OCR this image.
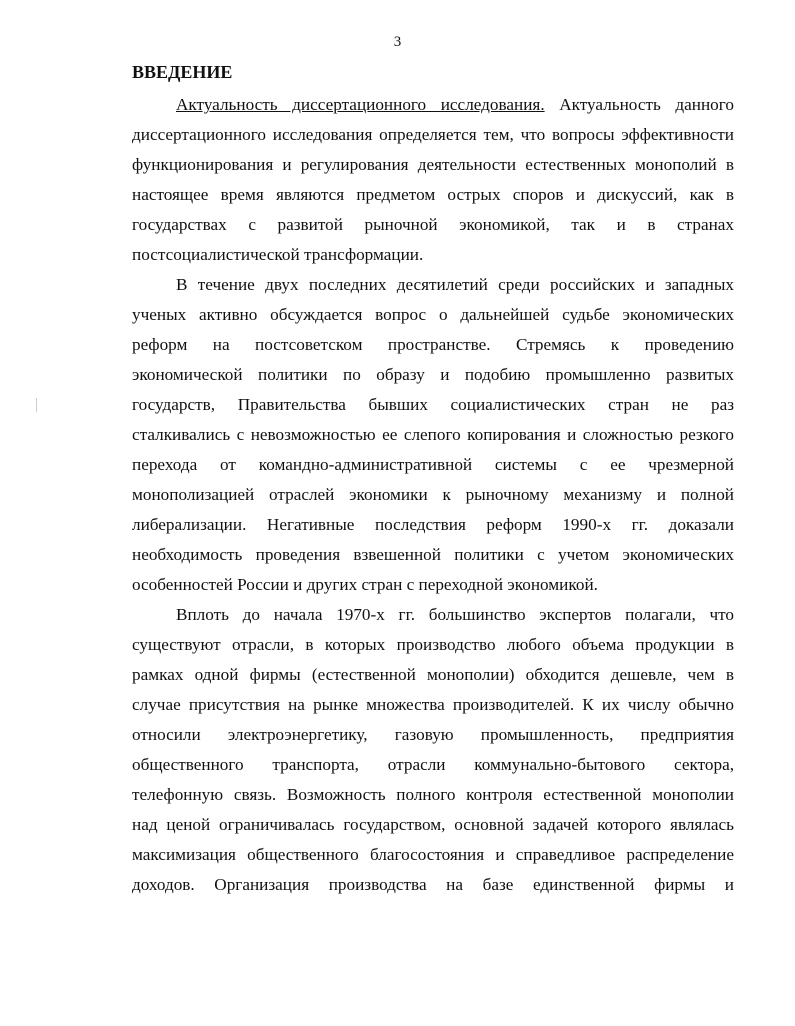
3
ВВЕДЕНИЕ
Актуальность диссертационного исследования. Актуальность данного
диссертационного исследования определяется тем, что вопросы эффективности
функционирования и регулирования деятельности естественных монополий в
настоящее время являются предметом острых споров и дискуссий, как в
государствах с развитой рыночной экономикой, так и в странах
постсоциалистической трансформации.
В течение двух последних десятилетий среди российских и западных
ученых активно обсуждается вопрос о дальнейшей судьбе экономических
реформ на постсоветском пространстве. Стремясь к проведению
экономической политики по образу и подобию промышленно развитых
государств, Правительства бывших социалистических стран не раз
сталкивались с невозможностью ее слепого копирования и сложностью резкого
перехода от командно-административной системы с ее чрезмерной
монополизацией отраслей экономики к рыночному механизму и полной
либерализации. Негативные последствия реформ 1990-х гг. доказали
необходимость проведения взвешенной политики с учетом экономических
особенностей России и других стран с переходной экономикой.
Вплоть до начала 1970-х гг. большинство экспертов полагали, что
существуют отрасли, в которых производство любого объема продукции в
рамках одной фирмы (естественной монополии) обходится дешевле, чем в
случае присутствия на рынке множества производителей. К их числу обычно
относили электроэнергетику, газовую промышленность, предприятия
общественного транспорта, отрасли коммунально-бытового сектора,
телефонную связь. Возможность полного контроля естественной монополии
над ценой ограничивалась государством, основной задачей которого являлась
максимизация общественного благосостояния и справедливое распределение
доходов. Организация производства на базе единственной фирмы и
